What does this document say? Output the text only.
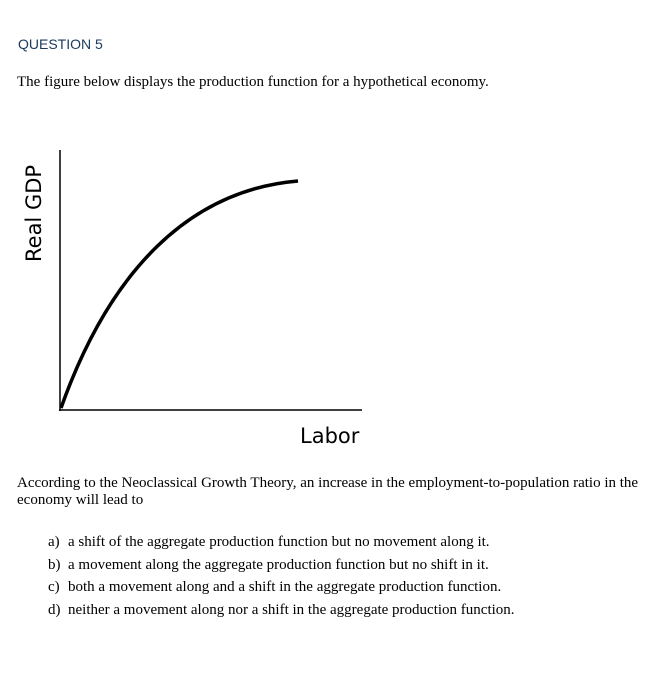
QUESTION 5
The figure below displays the production function for a hypothetical economy.
Real GDP
Labor
According to the Neoclassical Growth Theory, an increase in the employment-to-population ratio in the economy will lead to
a) a shift of the aggregate production function but no movement along it.
b) a movement along the aggregate production function but no shift in it.
c) both a movement along and a shift in the aggregate production function.
d) neither a movement along nor a shift in the aggregate production function.
